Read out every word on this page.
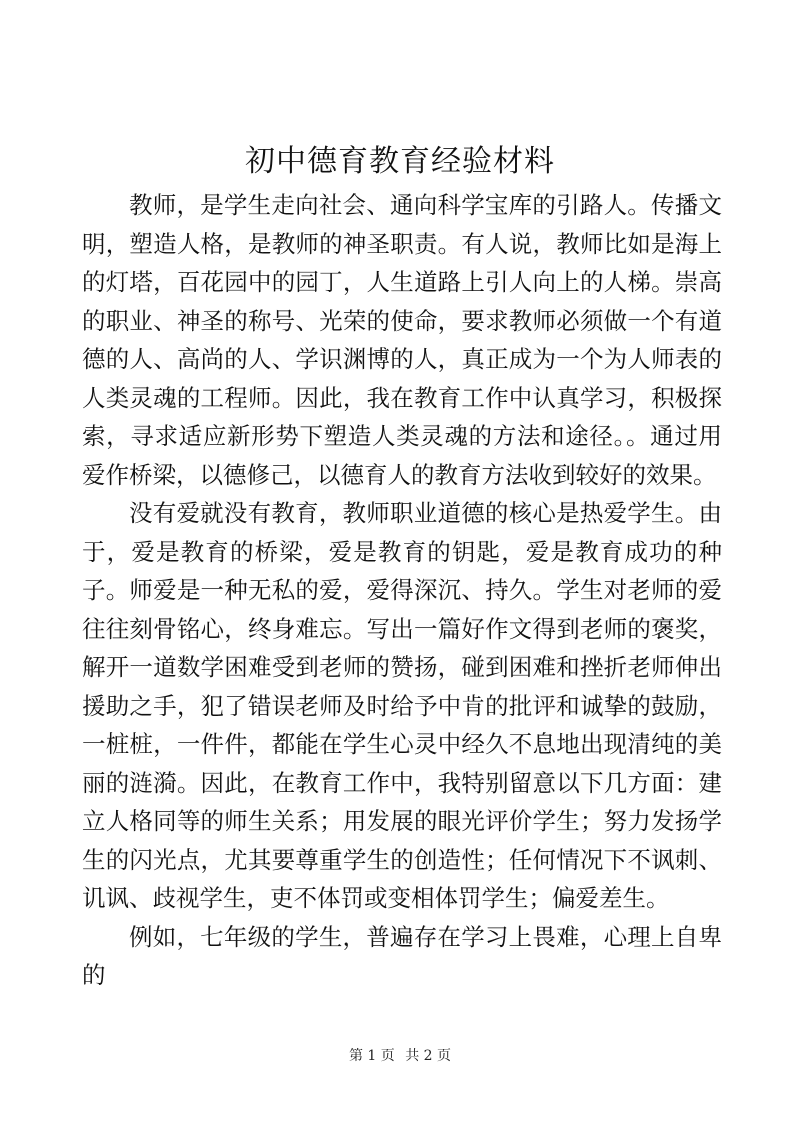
初中德育教育经验材料

教师，是学生走向社会、通向科学宝库的引路人。传播文明，塑造人格，是教师的神圣职责。有人说，教师比如是海上的灯塔，百花园中的园丁，人生道路上引人向上的人梯。崇高的职业、神圣的称号、光荣的使命，要求教师必须做一个有道德的人、高尚的人、学识渊博的人，真正成为一个为人师表的人类灵魂的工程师。因此，我在教育工作中认真学习，积极探索，寻求适应新形势下塑造人类灵魂的方法和途径。。通过用爱作桥梁，以德修己，以德育人的教育方法收到较好的效果。

没有爱就没有教育，教师职业道德的核心是热爱学生。由于，爱是教育的桥梁，爱是教育的钥匙，爱是教育成功的种子。师爱是一种无私的爱，爱得深沉、持久。学生对老师的爱往往刻骨铭心，终身难忘。写出一篇好作文得到老师的褒奖，解开一道数学困难受到老师的赞扬，碰到困难和挫折老师伸出援助之手，犯了错误老师及时给予中肯的批评和诚挚的鼓励，一桩桩，一件件，都能在学生心灵中经久不息地出现清纯的美丽的涟漪。因此，在教育工作中，我特别留意以下几方面：建立人格同等的师生关系；用发展的眼光评价学生；努力发扬学生的闪光点，尤其要尊重学生的创造性；任何情况下不讽刺、讥讽、歧视学生，吏不体罚或变相体罚学生；偏爱差生。

例如，七年级的学生，普遍存在学习上畏难，心理上自卑的

第 1 页 共 2 页
